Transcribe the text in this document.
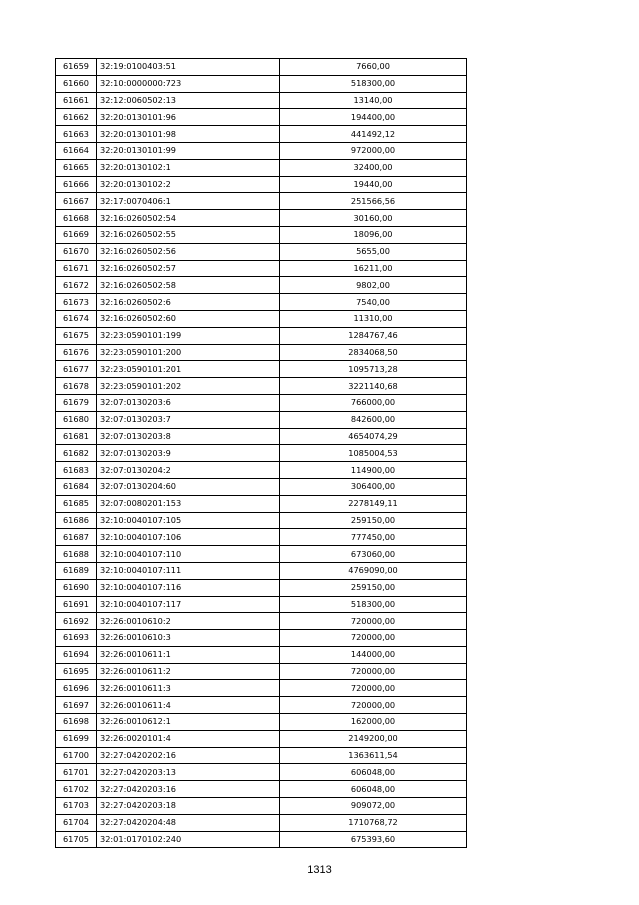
61659	32:19:0100403:51	7660,00
61660	32:10:0000000:723	518300,00
61661	32:12:0060502:13	13140,00
61662	32:20:0130101:96	194400,00
61663	32:20:0130101:98	441492,12
61664	32:20:0130101:99	972000,00
61665	32:20:0130102:1	32400,00
61666	32:20:0130102:2	19440,00
61667	32:17:0070406:1	251566,56
61668	32:16:0260502:54	30160,00
61669	32:16:0260502:55	18096,00
61670	32:16:0260502:56	5655,00
61671	32:16:0260502:57	16211,00
61672	32:16:0260502:58	9802,00
61673	32:16:0260502:6	7540,00
61674	32:16:0260502:60	11310,00
61675	32:23:0590101:199	1284767,46
61676	32:23:0590101:200	2834068,50
61677	32:23:0590101:201	1095713,28
61678	32:23:0590101:202	3221140,68
61679	32:07:0130203:6	766000,00
61680	32:07:0130203:7	842600,00
61681	32:07:0130203:8	4654074,29
61682	32:07:0130203:9	1085004,53
61683	32:07:0130204:2	114900,00
61684	32:07:0130204:60	306400,00
61685	32:07:0080201:153	2278149,11
61686	32:10:0040107:105	259150,00
61687	32:10:0040107:106	777450,00
61688	32:10:0040107:110	673060,00
61689	32:10:0040107:111	4769090,00
61690	32:10:0040107:116	259150,00
61691	32:10:0040107:117	518300,00
61692	32:26:0010610:2	720000,00
61693	32:26:0010610:3	720000,00
61694	32:26:0010611:1	144000,00
61695	32:26:0010611:2	720000,00
61696	32:26:0010611:3	720000,00
61697	32:26:0010611:4	720000,00
61698	32:26:0010612:1	162000,00
61699	32:26:0020101:4	2149200,00
61700	32:27:0420202:16	1363611,54
61701	32:27:0420203:13	606048,00
61702	32:27:0420203:16	606048,00
61703	32:27:0420203:18	909072,00
61704	32:27:0420204:48	1710768,72
61705	32:01:0170102:240	675393,60
1313
